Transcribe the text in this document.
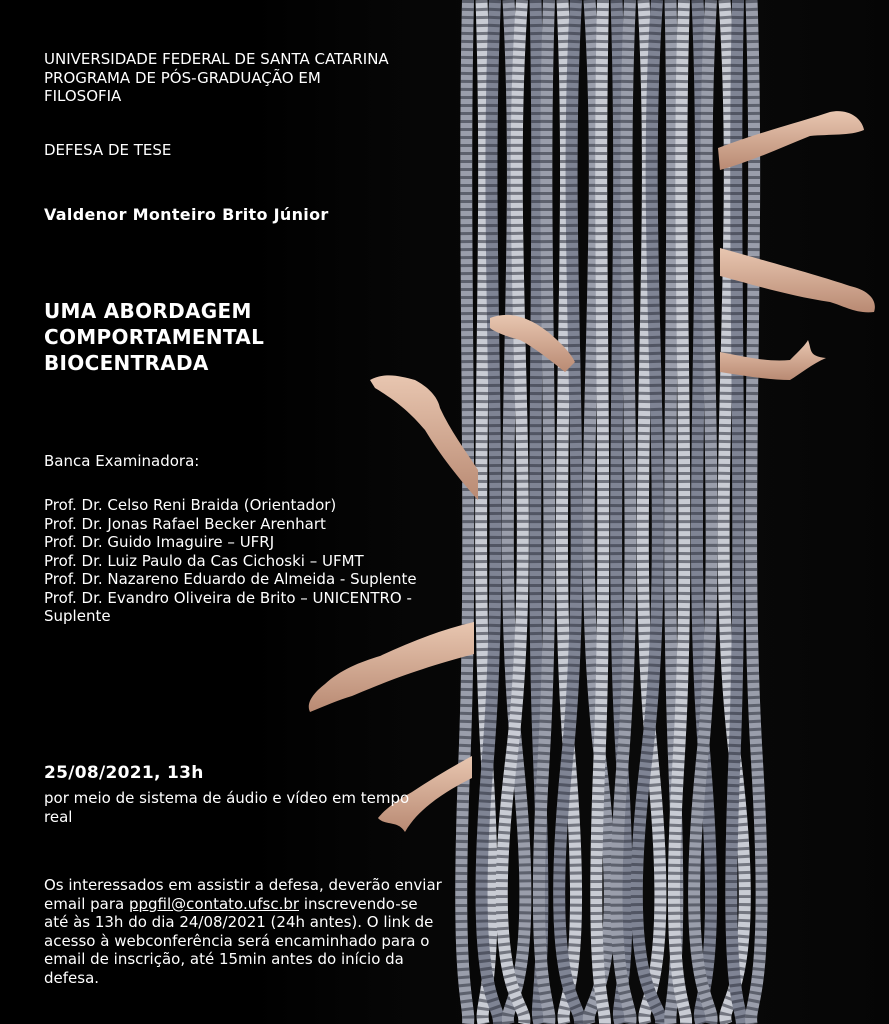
UNIVERSIDADE FEDERAL DE SANTA CATARINA
PROGRAMA DE PÓS-GRADUAÇÃO EM
FILOSOFIA
DEFESA DE TESE
Valdenor Monteiro Brito Júnior
UMA ABORDAGEM
COMPORTAMENTAL
BIOCENTRADA
Banca Examinadora:
Prof. Dr. Celso Reni Braida (Orientador)
Prof. Dr. Jonas Rafael Becker Arenhart
Prof. Dr. Guido Imaguire – UFRJ
Prof. Dr. Luiz Paulo da Cas Cichoski – UFMT
Prof. Dr. Nazareno Eduardo de Almeida - Suplente
Prof. Dr. Evandro Oliveira de Brito – UNICENTRO -
Suplente
25/08/2021, 13h
por meio de sistema de áudio e vídeo em tempo
real
Os interessados em assistir a defesa, deverão enviar
email para ppgfil@contato.ufsc.br inscrevendo-se
até às 13h do dia 24/08/2021 (24h antes). O link de
acesso à webconferência será encaminhado para o
email de inscrição, até 15min antes do início da
defesa.
